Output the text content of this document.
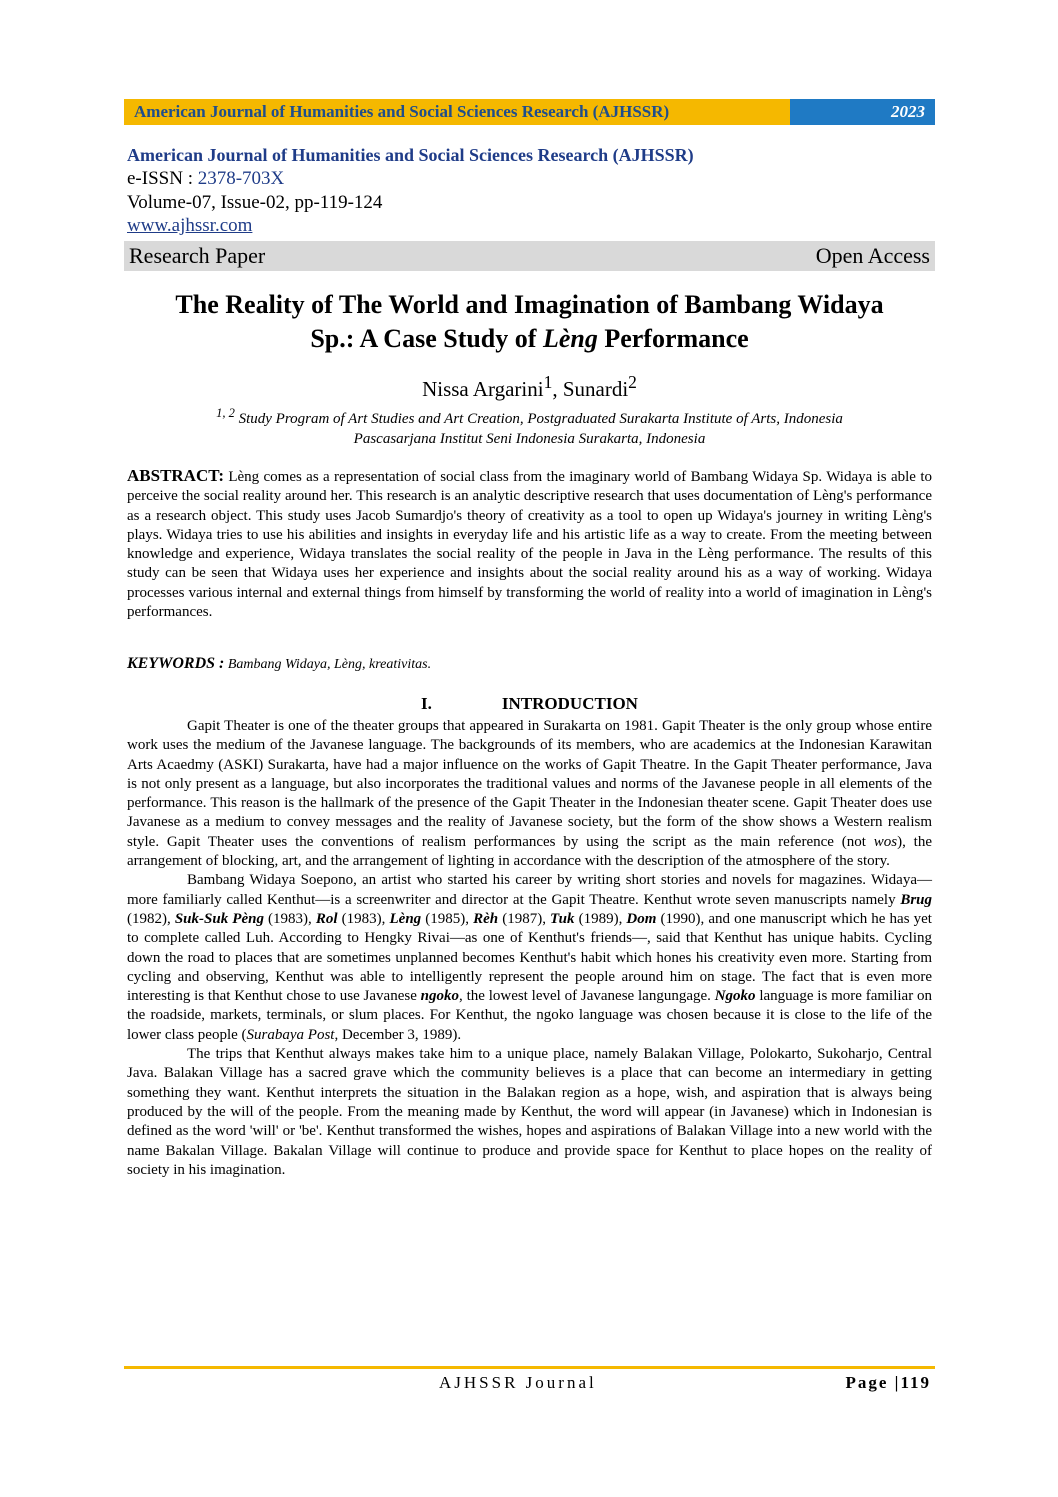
American Journal of Humanities and Social Sciences Research (AJHSSR)	2023
American Journal of Humanities and Social Sciences Research (AJHSSR)
e-ISSN : 2378-703X
Volume-07, Issue-02, pp-119-124
www.ajhssr.com
Research Paper	Open Access
The Reality of The World and Imagination of Bambang Widaya
Sp.: A Case Study of Lèng Performance
Nissa Argarini$^1$, Sunardi$^2$
$^{1, 2}$ Study Program of Art Studies and Art Creation, Postgraduated Surakarta Institute of Arts, Indonesia
Pascasarjana Institut Seni Indonesia Surakarta, Indonesia
ABSTRACT: Lèng comes as a representation of social class from the imaginary world of Bambang Widaya Sp. Widaya is able to perceive the social reality around her. This research is an analytic descriptive research that uses documentation of Lèng's performance as a research object. This study uses Jacob Sumardjo's theory of creativity as a tool to open up Widaya's journey in writing Lèng's plays. Widaya tries to use his abilities and insights in everyday life and his artistic life as a way to create. From the meeting between knowledge and experience, Widaya translates the social reality of the people in Java in the Lèng performance. The results of this study can be seen that Widaya uses her experience and insights about the social reality around his as a way of working. Widaya processes various internal and external things from himself by transforming the world of reality into a world of imagination in Lèng's performances.
KEYWORDS : Bambang Widaya, Lèng, kreativitas.
I.	INTRODUCTION

Gapit Theater is one of the theater groups that appeared in Surakarta on 1981. Gapit Theater is the only group whose entire work uses the medium of the Javanese language. The backgrounds of its members, who are academics at the Indonesian Karawitan Arts Acaedmy (ASKI) Surakarta, have had a major influence on the works of Gapit Theatre. In the Gapit Theater performance, Java is not only present as a language, but also incorporates the traditional values and norms of the Javanese people in all elements of the performance. This reason is the hallmark of the presence of the Gapit Theater in the Indonesian theater scene. Gapit Theater does use Javanese as a medium to convey messages and the reality of Javanese society, but the form of the show shows a Western realism style. Gapit Theater uses the conventions of realism performances by using the script as the main reference (not wos), the arrangement of blocking, art, and the arrangement of lighting in accordance with the description of the atmosphere of the story.

Bambang Widaya Soepono, an artist who started his career by writing short stories and novels for magazines. Widaya—more familiarly called Kenthut—is a screenwriter and director at the Gapit Theatre. Kenthut wrote seven manuscripts namely Brug (1982), Suk-Suk Pèng (1983), Rol (1983), Lèng (1985), Rèh (1987), Tuk (1989), Dom (1990), and one manuscript which he has yet to complete called Luh. According to Hengky Rivai—as one of Kenthut's friends—, said that Kenthut has unique habits. Cycling down the road to places that are sometimes unplanned becomes Kenthut's habit which hones his creativity even more. Starting from cycling and observing, Kenthut was able to intelligently represent the people around him on stage. The fact that is even more interesting is that Kenthut chose to use Javanese ngoko, the lowest level of Javanese langungage. Ngoko language is more familiar on the roadside, markets, terminals, or slum places. For Kenthut, the ngoko language was chosen because it is close to the life of the lower class people (Surabaya Post, December 3, 1989).

The trips that Kenthut always makes take him to a unique place, namely Balakan Village, Polokarto, Sukoharjo, Central Java. Balakan Village has a sacred grave which the community believes is a place that can become an intermediary in getting something they want. Kenthut interprets the situation in the Balakan region as a hope, wish, and aspiration that is always being produced by the will of the people. From the meaning made by Kenthut, the word will appear (in Javanese) which in Indonesian is defined as the word 'will' or 'be'. Kenthut transformed the wishes, hopes and aspirations of Balakan Village into a new world with the name Bakalan Village. Bakalan Village will continue to produce and provide space for Kenthut to place hopes on the reality of society in his imagination.

AJHSSR Journal	Page |119
